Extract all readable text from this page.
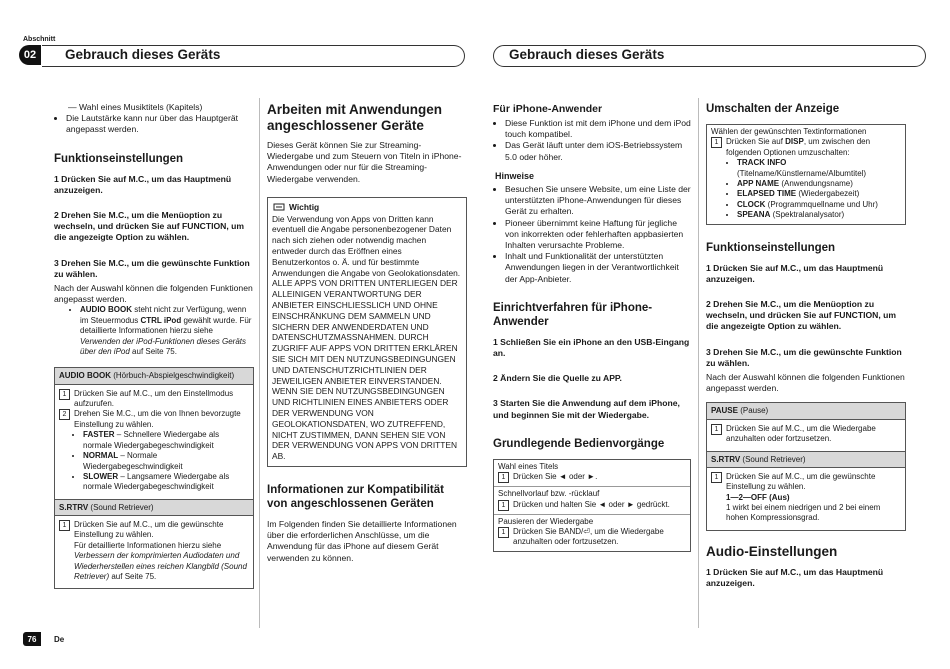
Abschnitt
02	Gebrauch dieses Geräts	Gebrauch dieses Geräts

— Wahl eines Musiktitels (Kapitels)

• Die Lautstärke kann nur über das Hauptgerät angepasst werden.
Funktionseinstellungen

1 Drücken Sie auf M.C., um das Hauptmenü anzuzeigen.

2 Drehen Sie M.C., um die Menüoption zu wechseln, und drücken Sie auf FUNCTION, um die angezeigte Option zu wählen.

3 Drehen Sie M.C., um die gewünschte Funktion zu wählen.

Nach der Auswahl können die folgenden Funktionen angepasst werden.

• AUDIO BOOK steht nicht zur Verfügung, wenn im Steuermodus CTRL iPod gewählt wurde. Für detaillierte Informationen hierzu siehe Verwenden der iPod-Funktionen dieses Geräts über den iPod auf Seite 75.
AUDIO BOOK (Hörbuch-Abspielgeschwindigkeit)
1 Drücken Sie auf M.C., um den Einstellmodus aufzurufen.
2 Drehen Sie M.C., um die von Ihnen bevorzugte Einstellung zu wählen.
• FASTER – Schnellere Wiedergabe als normale Wiedergabegeschwindigkeit
• NORMAL – Normale Wiedergabegeschwindigkeit
• SLOWER – Langsamere Wiedergabe als normale Wiedergabegeschwindigkeit
S.RTRV (Sound Retriever)
1 Drücken Sie auf M.C., um die gewünschte Einstellung zu wählen.
Für detaillierte Informationen hierzu siehe Verbessern der komprimierten Audiodaten und Wiederherstellen eines reichen Klangbild (Sound Retriever) auf Seite 75.
Arbeiten mit Anwendungen angeschlossener Geräte

Dieses Gerät können Sie zur Streaming-Wiedergabe und zum Steuern von Titeln in iPhone-Anwendungen oder nur für die Streaming-Wiedergabe verwenden.

Wichtig

Die Verwendung von Apps von Dritten kann eventuell die Angabe personenbezogener Daten nach sich ziehen oder notwendig machen entweder durch das Eröffnen eines Benutzerkontos o. Ä. und für bestimmte Anwendungen die Angabe von Geolokationsdaten.

ALLE APPS VON DRITTEN UNTERLIEGEN DER ALLEINIGEN VERANTWORTUNG DER ANBIETER EINSCHLIESSLICH UND OHNE EINSCHRÄNKUNG DEM SAMMELN UND SICHERN DER ANWENDERDATEN UND DATENSCHUTZMASSNAHMEN. DURCH ZUGRIFF AUF APPS VON DRITTEN ERKLÄREN SIE SICH MIT DEN NUTZUNGSBEDINGUNGEN UND DATENSCHUTZRICHTLINIEN DER JEWEILIGEN ANBIETER EINVERSTANDEN. WENN SIE DEN NUTZUNGSBEDINGUNGEN UND RICHTLINIEN EINES ANBIETERS ODER DER VERWENDUNG VON GEOLOKATIONSDATEN, WO ZUTREFFEND, NICHT ZUSTIMMEN, DANN SEHEN SIE VON DER VERWENDUNG VON APPS VON DRITTEN AB.

Informationen zur Kompatibilität von angeschlossenen Geräten

Im Folgenden finden Sie detaillierte Informationen über die erforderlichen Anschlüsse, um die Anwendung für das iPhone auf diesem Gerät verwenden zu können.

Für iPhone-Anwender
• Diese Funktion ist mit dem iPhone und dem iPod touch kompatibel.
• Das Gerät läuft unter dem iOS-Betriebssystem 5.0 oder höher.
Hinweise
• Besuchen Sie unsere Website, um eine Liste der unterstützten iPhone-Anwendungen für dieses Gerät zu erhalten.
• Pioneer übernimmt keine Haftung für jegliche von inkorrekten oder fehlerhaften appbasierten Inhalten verursachte Probleme.
• Inhalt und Funktionalität der unterstützten Anwendungen liegen in der Verantwortlichkeit der App-Anbieter.
Einrichtverfahren für iPhone-Anwender

1 Schließen Sie ein iPhone an den USB-Eingang an.

2 Ändern Sie die Quelle zu APP.

3 Starten Sie die Anwendung auf dem iPhone, und beginnen Sie mit der Wiedergabe.

Grundlegende Bedienvorgänge
Wahl eines Titels
1 Drücken Sie ◄ oder ►.
Schnellvorlauf bzw. -rücklauf
1 Drücken und halten Sie ◄ oder ► gedrückt.
Pausieren der Wiedergabe
1 Drücken Sie BAND/⏎, um die Wiedergabe anzuhalten oder fortzusetzen.
Umschalten der Anzeige
Wählen der gewünschten Textinformationen
1 Drücken Sie auf DISP, um zwischen den folgenden Optionen umzuschalten:
• TRACK INFO (Titelname/Künstlername/Albumtitel)
• APP NAME (Anwendungsname)
• ELAPSED TIME (Wiedergabezeit)
• CLOCK (Programmquellname und Uhr)
• SPEANA (Spektralanalysator)
Funktionseinstellungen

1 Drücken Sie auf M.C., um das Hauptmenü anzuzeigen.

2 Drehen Sie M.C., um die Menüoption zu wechseln, und drücken Sie auf FUNCTION, um die angezeigte Option zu wählen.

3 Drehen Sie M.C., um die gewünschte Funktion zu wählen.

Nach der Auswahl können die folgenden Funktionen angepasst werden.

PAUSE (Pause)
1 Drücken Sie auf M.C., um die Wiedergabe anzuhalten oder fortzusetzen.
S.RTRV (Sound Retriever)
1 Drücken Sie auf M.C., um die gewünschte Einstellung zu wählen.
1—2—OFF (Aus)
1 wirkt bei einem niedrigen und 2 bei einem hohen Kompressionsgrad.
Audio-Einstellungen

1 Drücken Sie auf M.C., um das Hauptmenü anzuzeigen.

76	De
